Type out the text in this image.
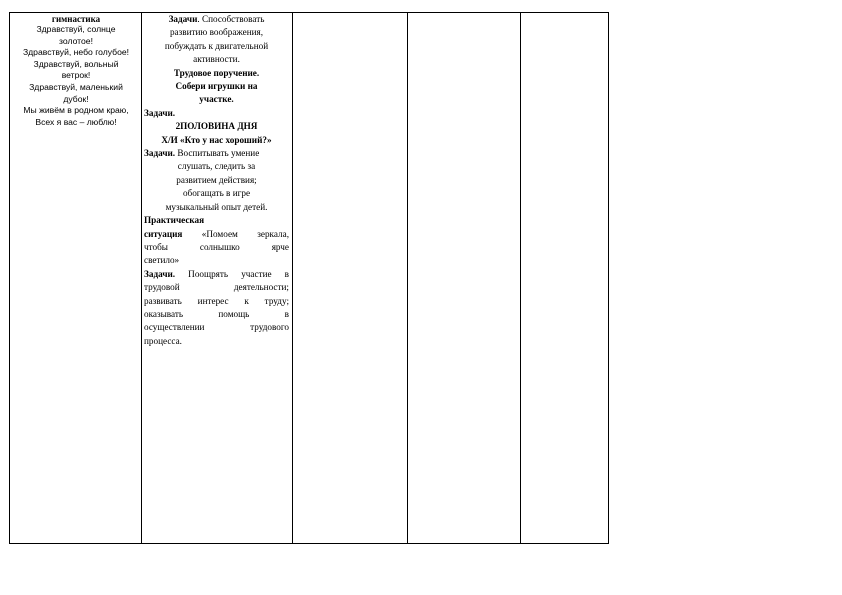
гимнастика

Здравствуй, солнце

золотое!

Здравствуй, небо голубое!

Здравствуй, вольный

ветрок!

Здравствуй, маленький

дубок!

Мы живём в родном краю,

Всех я вас – люблю!

Задачи. Способствовать

развитию воображения,

побуждать к двигательной

активности.

Трудовое поручение.

Собери игрушки на

участке.

Задачи.

2ПОЛОВИНА ДНЯ

Х/И «Кто у нас хороший?»

Задачи. Воспитывать умение

слушать, следить за

развитием действия;

обогащать в игре

музыкальный опыт детей.

Практическая

ситуация «Помоем зеркала,

чтобы солнышко ярче

светило»

Задачи. Поощрять участие в

трудовой деятельности;

развивать интерес к труду;

оказывать помощь в

осуществлении трудового

процесса.
